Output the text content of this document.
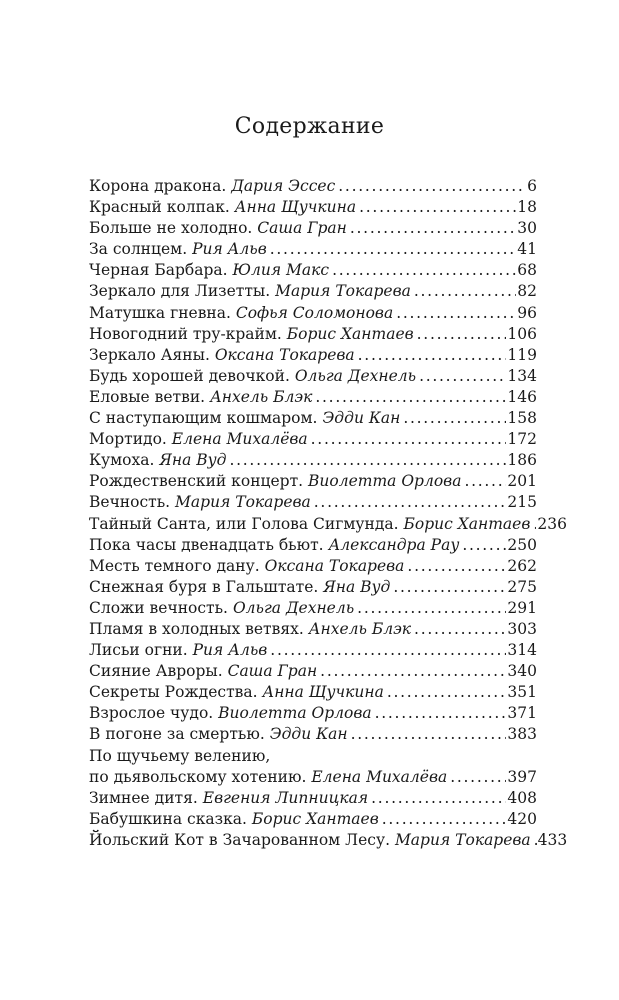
Содержание
Корона дракона. Дария Эссес . . .	6
Красный колпак. Анна Щучкина . . .	18
Больше не холодно. Саша Гран . . .	30
За солнцем. Рия Альв . . .	41
Черная Барбара. Юлия Макс . . .	68
Зеркало для Лизетты. Мария Токарева . . .	82
Матушка гневна. Софья Соломонова . . .	96
Новогодний тру-крайм. Борис Хантаев . . .	106
Зеркало Аяны. Оксана Токарева . . .	119
Будь хорошей девочкой. Ольга Дехнель . . .	134
Еловые ветви. Анхель Блэк . . .	146
С наступающим кошмаром. Эдди Кан . . .	158
Мортидо. Елена Михалёва . . .	172
Кумоха. Яна Вуд . . .	186
Рождественский концерт. Виолетта Орлова . . .	201
Вечность. Мария Токарева . . .	215
Тайный Санта, или Голова Сигмунда. Борис Хантаев . . . 236
Пока часы двенадцать бьют. Александра Рау . . .	250
Месть темного дану. Оксана Токарева . . .	262
Снежная буря в Гальштате. Яна Вуд . . .	275
Сложи вечность. Ольга Дехнель . . .	291
Пламя в холодных ветвях. Анхель Блэк . . .	303
Лисьи огни. Рия Альв . . .	314
Сияние Авроры. Саша Гран . . .	340
Секреты Рождества. Анна Щучкина . . .	351
Взрослое чудо. Виолетта Орлова . . .	371
В погоне за смертью. Эдди Кан . . .	383
По щучьему велению,
по дьявольскому хотению. Елена Михалёва . . .	397
Зимнее дитя. Евгения Липницкая . . .	408
Бабушкина сказка. Борис Хантаев . . .	420
Йольский Кот в Зачарованном Лесу. Мария Токарева . . . 433
